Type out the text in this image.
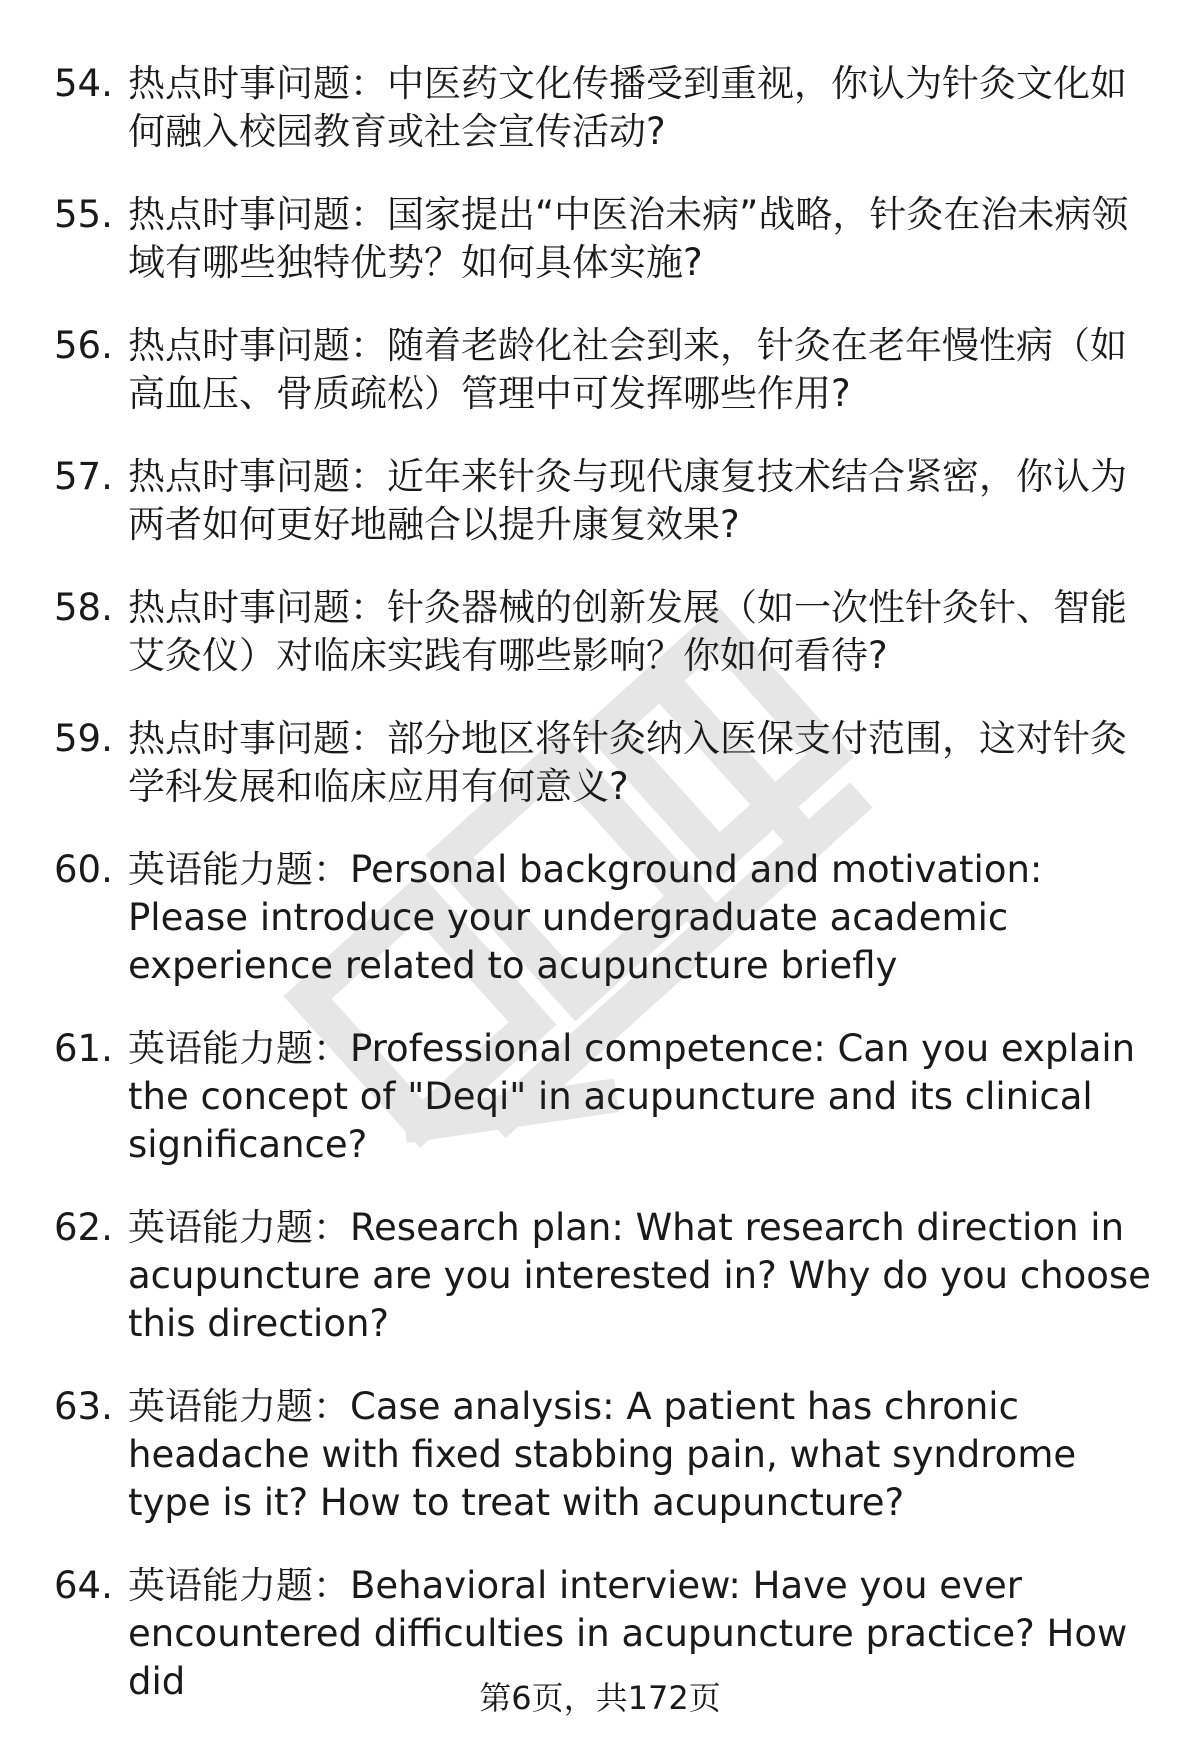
54. 热点时事问题：中医药文化传播受到重视，你认为针灸文化如何融入校园教育或社会宣传活动?
55. 热点时事问题：国家提出“中医治未病”战略，针灸在治未病领域有哪些独特优势？如何具体实施?
56. 热点时事问题：随着老龄化社会到来，针灸在老年慢性病（如高血压、骨质疏松）管理中可发挥哪些作用?
57. 热点时事问题：近年来针灸与现代康复技术结合紧密，你认为两者如何更好地融合以提升康复效果?
58. 热点时事问题：针灸器械的创新发展（如一次性针灸针、智能艾灸仪）对临床实践有哪些影响？你如何看待?
59. 热点时事问题：部分地区将针灸纳入医保支付范围，这对针灸学科发展和临床应用有何意义?
60. 英语能力题：Personal background and motivation: Please introduce your undergraduate academic experience related to acupuncture briefly
61. 英语能力题：Professional competence: Can you explain the concept of "Deqi" in acupuncture and its clinical significance?
62. 英语能力题：Research plan: What research direction in acupuncture are you interested in? Why do you choose this direction?
63. 英语能力题：Case analysis: A patient has chronic headache with fixed stabbing pain, what syndrome type is it? How to treat with acupuncture?
64. 英语能力题：Behavioral interview: Have you ever encountered difficulties in acupuncture practice? How did	第6页，共172页
